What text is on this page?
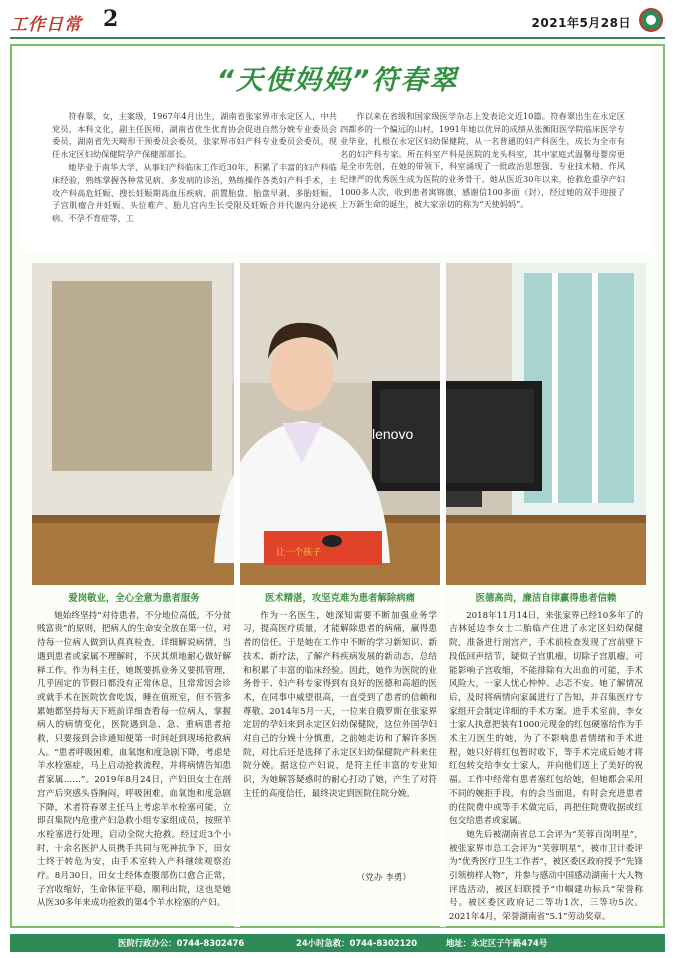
工作日常 2	2021年5月28日
“天使妈妈”符春翠

符春翠，女，主案级，1967年4月出生，湖南省张家界市永定区人，中共党员，本科文化，副主任医师，湖南省优生优育协会促进自然分娩专业委员会委员，湖南省先天畸形干预委员会委员，张家界市妇产科专业委员会委员，现任永定区妇幼保健院孕产保健部部长。

她毕业于南华大学，从事妇产科临床工作近30年，积累了丰富的妇产科临床经验，熟练掌握各种常见病、多发病的诊治，熟练操作各类妇产科手术，主攻产科高危妊娠、搜长妊娠期高血压疾病、前置胎盘、胎盘早剥、多胎妊娠、子宫肌瘤合并妊娠、头位难产、胎儿宫内生长受限及妊娠合并代谢内分泌疾病、不孕不育症等，工

作以来在省级和国家级医学杂志上发表论文近10篇。符春翠出生在永定区四都乡的一个偏远的山村，1991年她以优异的成绩从张衡阳医学院临床医学专业毕业，扎根在永定区妇幼保健院，从一名普通的妇产科医生，成长为全市有名的妇产科专家。所在科室产科是医院的龙头科室，其中家庭式温馨母婴房更是全市先创，在她的带领下，科室涌现了一批政治思想强、专业技术精、作风纪律严的优秀医生成为医院的业务骨干。她从医近30年以来，抢救危重孕产妇1000多人次，收到患者寓锦旗、感谢信100多面（封），经过她的双手迎接了上万新生命的诞生，被大家亲切的称为“天使妈妈”。

lenovo
让一个孩子
爱岗敬业，全心全意为患者服务

她始终坚持“对待患者，不分地位高低，不分贫贱富贵”的原则，把病人的生命安全放在第一位，对待每一位病人做到认真真检查，详细解说病情，当遇到患者或家属不理解时，不厌其烦地耐心做好解释工作。作为科主任，她既要抓业务又要抓管理，几乎固定的节假日都没有正常休息，且常常因会诊或就手术在医院饮食吃饭，睡在值班室，但不管多累她都坚持每天下班前详细查看每一位病人，掌握病人的病情变化，医院遇到急、急、重病患者抢救，只要接到会诊通知便第一时间赶到现场抢救病人。“患者呼吸困难，血氧饱和度急剧下降，考虑是羊水栓塞症，马上启动抢救流程，并将病情告知患者家属……”。2019年8月24日，产妇田女士在剖宫产后突感头昏胸闷，呼吸困难，血氧饱和度急剧下降，术者符春翠主任马上考虑羊水栓塞可能，立即召集院内危重产妇急救小组专家组成员，按照羊水栓塞进行处理，启动全院大抢救。经过近3个小时，十余名医护人员携手共同与死神抗争下，田女士终于转危为安，由手术室转入产科继续观察治疗。8月30日，田女士经体查腹部伤口愈合正常，子宫收缩好，生命体征平稳，顺利出院，这也是她从医30多年来成功抢救的第4个羊水栓塞的产妇。

医术精湛，攻坚克难为患者解除病痛

作为一名医生，她深知需要不断加强业务学习，提高医疗质量，才能解除患者的病痛，赢得患者的信任。于是她在工作中不断的学习新知识、新技术、新疗法，了解产科疾病发展的新动态，总结和积累了丰富的临床经验。因此，她作为医院的业务骨干、妇产科专家得到有良好的医德和高超的医术，在同事中威望很高，一直受到了患者的信赖和尊敬。2014年5月一天，一位来自俄罗斯在张家界定居的孕妇来到永定区妇幼保健院，这位外国孕妇对自己的分娩十分慎重，之前她走访和了解许多医院，对比后还是选择了永定区妇幼保健院产科来住院分娩。据这位产妇说，是符主任丰富的专业知识，为她解答疑惑时的耐心打动了她，产生了对符主任的高度信任，最终决定到医院住院分娩。

（党办 李勇）

医德高尚，廉洁自律赢得患者信赖

2018年11月14日，来张家界已经10多年了的吉林延边李女士二胎临产住进了永定区妇幼保健院，准备进行剖宫产，手术前检查发现了宫前壁下段低回声结节，疑似子宫肌瘤，切除子宫肌瘤，可能影响子宫收缩，不能排除有大出血的可能，手术风险大，一家人忧心忡忡、忐忑不安。她了解情况后，及时将病情向家属进行了告知，并召集医疗专家组开会制定详细的手术方案。进手术室前，李女士家人执意把装有1000元现金的红包硬塞给作为手术主刀医生的她，为了不影响患者情绪和手术进程，她只好将红包暂时收下，等手术完成后她才将红包转交给李女士家人，并向他们送上了美好的祝福。工作中经常有患者塞红包给她，但她都会采用不同的婉拒手段，有的会当面退，有时会充进患者的住院费中或等手术做完后，再把住院费收据或红包交给患者或家属。

她先后被湖南省总工会评为“芙蓉百岗明星”，被张家界市总工会评为“芙蓉明星”，被市卫计委评为“优秀医疗卫生工作者”，被区委区政府授予“先锋引领榜样人物”，并参与感动中国感动湖南十大人物评选活动，被区妇联授予“巾帼建功标兵”荣誉称号。被区委区政府记二等功1次，三等功5次。2021年4月，荣誉湖南省“5.1”劳动奖章。

医院行政办公：0744-8302476	24小时急救：0744-8302120	地址：永定区子午路474号
